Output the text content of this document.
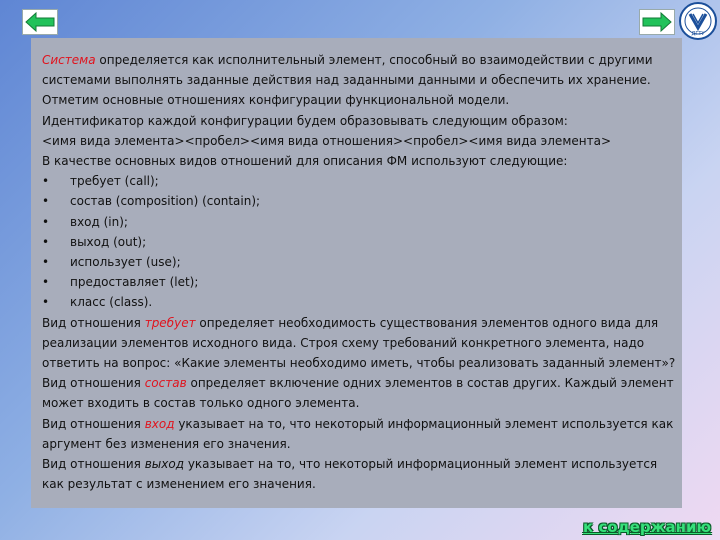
ДГТУ

Система определяется как исполнительный элемент, способный во взаимодействии с другими

системами выполнять заданные действия над заданными данными и обеспечить их хранение.

Отметим основные отношениях конфигурации функциональной модели.

Идентификатор каждой конфигурации будем образовывать следующим образом:

<имя вида элемента><пробел><имя вида отношения><пробел><имя вида элемента>

В качестве основных видов отношений для описания ФМ используют следующие:

•	требует (call);
•	состав (composition) (contain);
•	вход (in);
•	выход (out);
•	использует (use);
•	предоставляет (let);
•	класс (class).

Вид отношения требует определяет необходимость существования элементов одного вида для реализации элементов исходного вида. Строя схему требований конкретного элемента, надо ответить на вопрос: «Какие элементы необходимо иметь, чтобы реализовать заданный элемент»?

Вид отношения состав определяет включение одних элементов в состав других. Каждый элемент может входить в состав только одного элемента.

Вид отношения вход указывает на то, что некоторый информационный элемент используется как аргумент без изменения его значения.

Вид отношения выход указывает на то, что некоторый информационный элемент используется как результат с изменением его значения.

к содержанию
